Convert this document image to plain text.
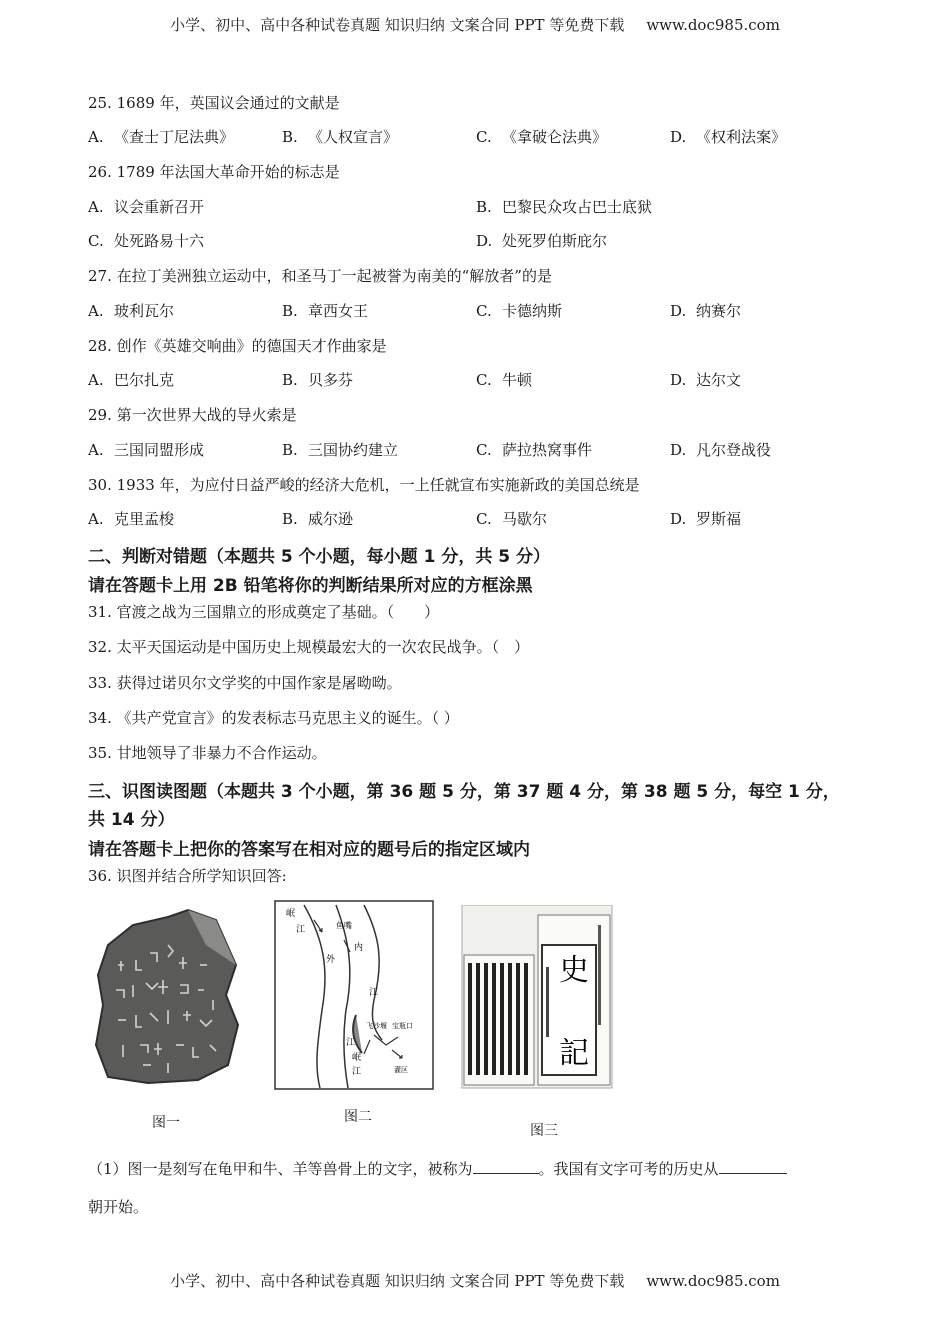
小学、初中、高中各种试卷真题 知识归纳 文案合同 PPT 等免费下载 www.doc985.com
25. 1689 年，英国议会通过的文献是
A. 《查士丁尼法典》	B. 《人权宣言》	C. 《拿破仑法典》	D. 《权利法案》
26. 1789 年法国大革命开始的标志是
A. 议会重新召开	B. 巴黎民众攻占巴士底狱
C. 处死路易十六	D. 处死罗伯斯庇尔
27. 在拉丁美洲独立运动中，和圣马丁一起被誉为南美的“解放者”的是
A. 玻利瓦尔	B. 章西女王	C. 卡德纳斯	D. 纳赛尔
28. 创作《英雄交响曲》的德国天才作曲家是
A. 巴尔扎克	B. 贝多芬	C. 牛顿	D. 达尔文
29. 第一次世界大战的导火索是
A. 三国同盟形成	B. 三国协约建立	C. 萨拉热窝事件	D. 凡尔登战役
30. 1933 年，为应付日益严峻的经济大危机，一上任就宣布实施新政的美国总统是
A. 克里孟梭	B. 威尔逊	C. 马歇尔	D. 罗斯福
二、判断对错题（本题共 5 个小题，每小题 1 分，共 5 分）
请在答题卡上用 2B 铅笔将你的判断结果所对应的方框涂黑
31. 官渡之战为三国鼎立的形成奠定了基础。（　　）
32. 太平天国运动是中国历史上规模最宏大的一次农民战争。（　）
33. 获得过诺贝尔文学奖的中国作家是屠呦呦。
34. 《共产党宣言》的发表标志马克思主义的诞生。（ ）
35. 甘地领导了非暴力不合作运动。
三、识图读图题（本题共 3 个小题，第 36 题 5 分，第 37 题 4 分，第 38 题 5 分，每空 1 分，
共 14 分）
请在答题卡上把你的答案写在相对应的题号后的指定区域内
36. 识图并结合所学知识回答:
图一
岷
江	鱼嘴
外
内
江
江
飞沙堰 宝瓶口
岷
江	灌区
图二
史
記
图三
（1）图一是刻写在龟甲和牛、羊等兽骨上的文字，被称为	。我国有文字可考的历史从
朝开始。
小学、初中、高中各种试卷真题 知识归纳 文案合同 PPT 等免费下载 www.doc985.com
